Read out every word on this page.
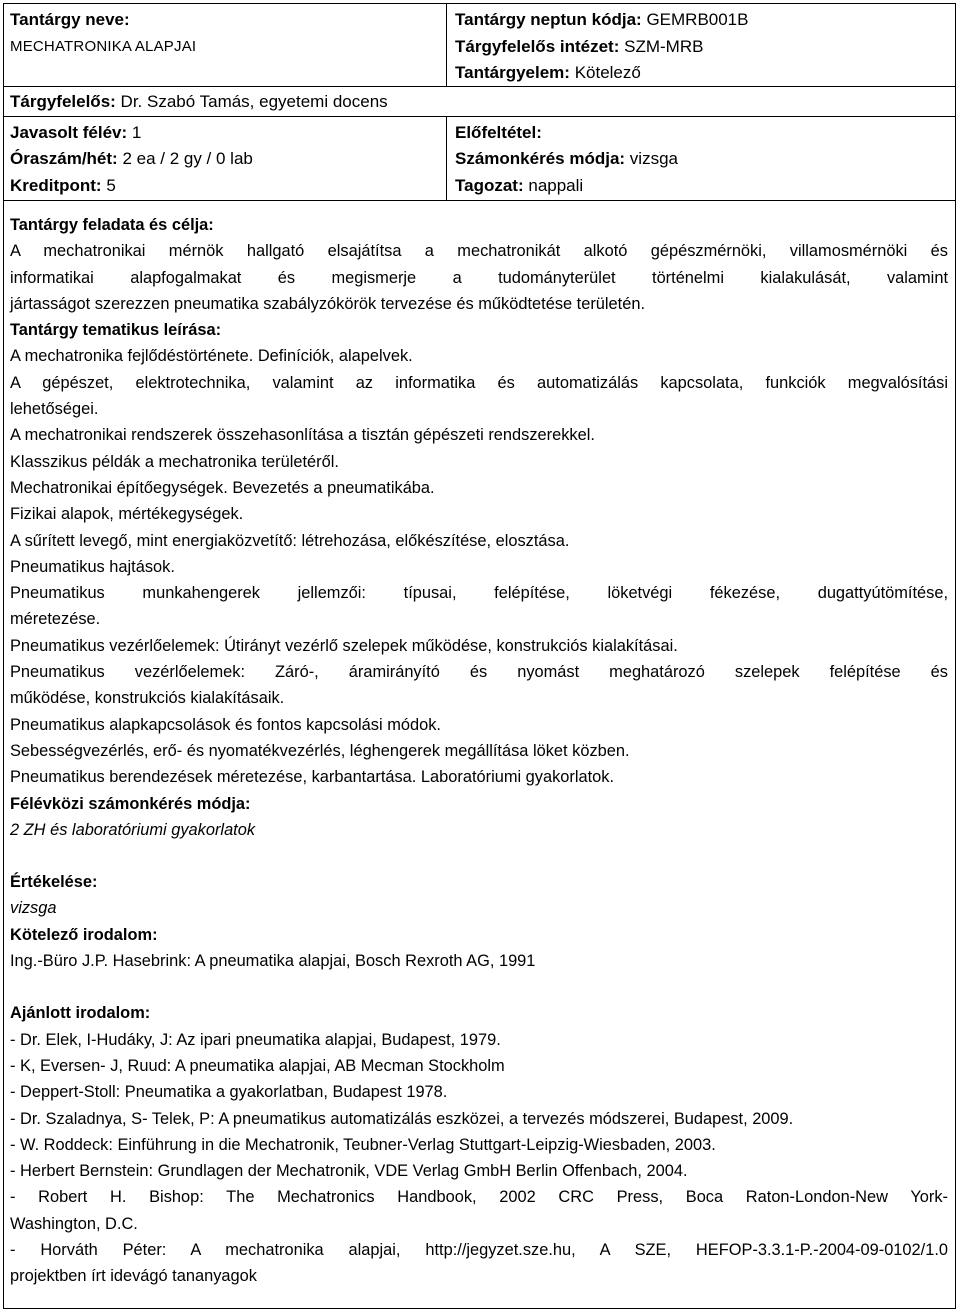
Tantárgy neve:
MECHATRONIKA ALAPJAI
Tárgyfelelős: Dr. Szabó Tamás, egyetemi docens
Javasolt félév: 1
Óraszám/hét: 2 ea / 2 gy / 0 lab
Kreditpont: 5
Tantárgy neptun kódja: GEMRB001B
Tárgyfelelős intézet: SZM-MRB
Tantárgyelem: Kötelező
Előfeltétel:
Számonkérés módja: vizsga
Tagozat: nappali
Tantárgy feladata és célja:
A mechatronikai mérnök hallgató elsajátítsa a mechatronikát alkotó gépészmérnöki, villamosmérnöki és
informatikai alapfogalmakat és megismerje a tudományterület történelmi kialakulását, valamint
jártasságot szerezzen pneumatika szabályzókörök tervezése és működtetése területén.
Tantárgy tematikus leírása:
A mechatronika fejlődéstörténete. Definíciók, alapelvek.
A gépészet, elektrotechnika, valamint az informatika és automatizálás kapcsolata, funkciók megvalósítási
lehetőségei.
A mechatronikai rendszerek összehasonlítása a tisztán gépészeti rendszerekkel.
Klasszikus példák a mechatronika területéről.
Mechatronikai építőegységek. Bevezetés a pneumatikába.
Fizikai alapok, mértékegységek.
A sűrített levegő, mint energiaközvetítő: létrehozása, előkészítése, elosztása.
Pneumatikus hajtások.
Pneumatikus munkahengerek jellemzői: típusai, felépítése, löketvégi fékezése, dugattyútömítése,
méretezése.
Pneumatikus vezérlőelemek: Útirányt vezérlő szelepek működése, konstrukciós kialakításai.
Pneumatikus vezérlőelemek: Záró-, áramirányító és nyomást meghatározó szelepek felépítése és
működése, konstrukciós kialakításaik.
Pneumatikus alapkapcsolások és fontos kapcsolási módok.
Sebességvezérlés, erő- és nyomatékvezérlés, léghengerek megállítása löket közben.
Pneumatikus berendezések méretezése, karbantartása. Laboratóriumi gyakorlatok.
Félévközi számonkérés módja:
2 ZH és laboratóriumi gyakorlatok
Értékelése:
vizsga
Kötelező irodalom:
Ing.-Büro J.P. Hasebrink: A pneumatika alapjai, Bosch Rexroth AG, 1991
Ajánlott irodalom:
- Dr. Elek, I-Hudáky, J: Az ipari pneumatika alapjai, Budapest, 1979.
- K, Eversen- J, Ruud: A pneumatika alapjai, AB Mecman Stockholm
- Deppert-Stoll: Pneumatika a gyakorlatban, Budapest 1978.
- Dr. Szaladnya, S- Telek, P: A pneumatikus automatizálás eszközei, a tervezés módszerei, Budapest, 2009.
- W. Roddeck: Einführung in die Mechatronik, Teubner-Verlag Stuttgart-Leipzig-Wiesbaden, 2003.
- Herbert Bernstein: Grundlagen der Mechatronik, VDE Verlag GmbH Berlin Offenbach, 2004.
- Robert H. Bishop: The Mechatronics Handbook, 2002 CRC Press, Boca Raton-London-New York-
Washington, D.C.
- Horváth Péter: A mechatronika alapjai, http://jegyzet.sze.hu, A SZE, HEFOP-3.3.1-P.-2004-09-0102/1.0
projektben írt idevágó tananyagok
